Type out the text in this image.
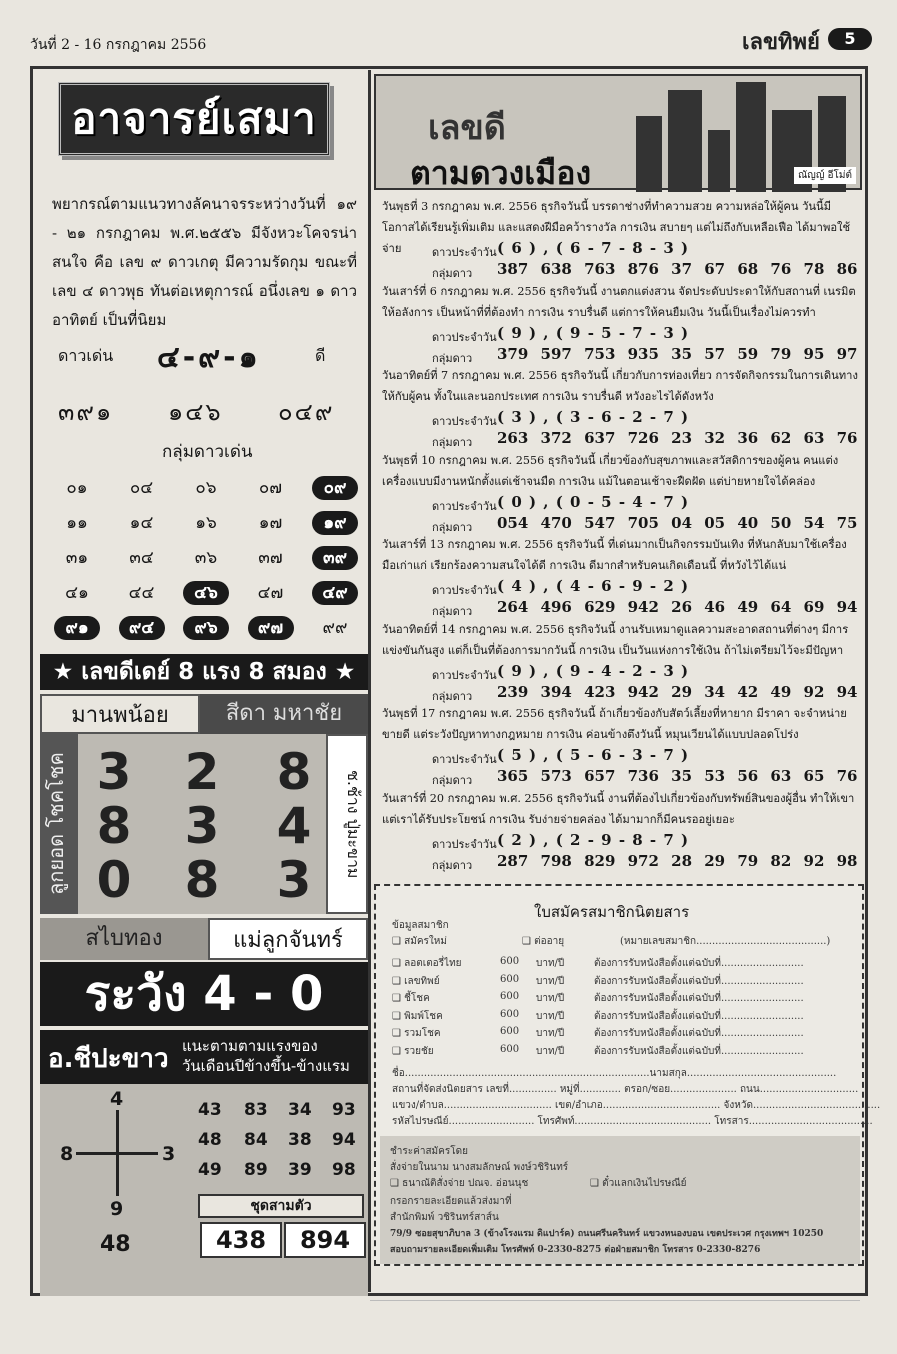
วันที่ 2 - 16 กรกฎาคม 2556	เลขทิพย์	5
อาจารย์เสมา

พยากรณ์ตามแนวทางลัคนาจรระหว่างวันที่ ๑๙ - ๒๑ กรกฎาคม พ.ศ.๒๕๕๖ มีจังหวะโคจรน่าสนใจ คือ เลข ๙ ดาวเกตุ มีความรัดกุม ขณะที่เลข ๔ ดาวพุธ ทันต่อเหตุการณ์ อนึ่งเลข ๑ ดาวอาทิตย์ เป็นที่นิยม

ดาวเด่น ๔-๙-๑	ดี
๓๙๑ ๑๔๖ ๐๔๙
กลุ่มดาวเด่น
๐๑	๐๔	๐๖	๐๗	๐๙
๑๑	๑๔	๑๖	๑๗	๑๙
๓๑	๓๔	๓๖	๓๗	๓๙
๔๑	๔๔	๔๖	๔๗	๔๙
๙๑	๙๔	๙๖	๙๗	๙๙
★ เลขดีเดย์ 8 แรง 8 สมอง ★
มานพน้อย	สีดา มหาชัย
ลูกยอด โชคโชค	ช.ช้าง ปู่มะขาม
3 2 8
8 3 4
0 8 3
สไบทอง	แม่ลูกจันทร์
ระวัง 4 - 0
อ.ชีปะขาว แนะตามตามแรงของ
วันเดือนปีข้างขึ้น-ข้างแรม
4
8	3
9
48
43 83 34 93
48 84 38 94
49 89 39 98
ชุดสามตัว
438	894
เลขดี
ตามดวงเมือง	ณัญญ์ อีโม่ต์
วันพุธที่ 3 กรกฎาคม พ.ศ. 2556 ธุรกิจวันนี้ บรรดาช่างที่ทำความสวย ความหล่อให้ผู้คน วันนี้มีโอกาสได้เรียนรู้เพิ่มเติม และแสดงฝีมือคว้ารางวัล การเงิน สบายๆ แต่ไม่ถึงกับเหลือเฟือ ได้มาพอใช้จ่าย	ดาวประจำวัน ( 6 ) , ( 6 - 7 - 8 - 3 )
กลุ่มดาว 387 638 763 876 37 67 68 76 78 86
วันเสาร์ที่ 6 กรกฎาคม พ.ศ. 2556 ธุรกิจวันนี้ งานตกแต่งสวน จัดประดับประดาให้กับสถานที่ เนรมิตให้อลังการ เป็นหน้าที่ที่ต้องทำ การเงิน ราบรื่นดี แต่การให้คนยืมเงิน วันนี้เป็นเรื่องไม่ควรทำ
ดาวประจำวัน ( 9 ) , ( 9 - 5 - 7 - 3 )
กลุ่มดาว 379 597 753 935 35 57 59 79 95 97
วันอาทิตย์ที่ 7 กรกฎาคม พ.ศ. 2556 ธุรกิจวันนี้ เกี่ยวกับการท่องเที่ยว การจัดกิจกรรมในการเดินทางให้กับผู้คน ทั้งในและนอกประเทศ การเงิน ราบรื่นดี หวังอะไรได้ดังหวัง
ดาวประจำวัน ( 3 ) , ( 3 - 6 - 2 - 7 )
กลุ่มดาว 263 372 637 726 23 32 36 62 63 76
วันพุธที่ 10 กรกฎาคม พ.ศ. 2556 ธุรกิจวันนี้ เกี่ยวข้องกับสุขภาพและสวัสดิการของผู้คน คนแต่งเครื่องแบบมีงานหนักตั้งแต่เช้าจนมืด การเงิน แม้ในตอนเช้าจะฝืดฝัด แต่บ่ายหายใจได้คล่อง
ดาวประจำวัน ( 0 ) , ( 0 - 5 - 4 - 7 )
กลุ่มดาว 054 470 547 705 04 05 40 50 54 75
วันเสาร์ที่ 13 กรกฎาคม พ.ศ. 2556 ธุรกิจวันนี้ ที่เด่นมากเป็นกิจกรรมบันเทิง ที่หันกลับมาใช้เครื่องมือเก่าแก่ เรียกร้องความสนใจได้ดี การเงิน ดีมากสำหรับคนเกิดเดือนนี้ ที่หวังไว้ได้แน่
ดาวประจำวัน ( 4 ) , ( 4 - 6 - 9 - 2 )
กลุ่มดาว 264 496 629 942 26 46 49 64 69 94
วันอาทิตย์ที่ 14 กรกฎาคม พ.ศ. 2556 ธุรกิจวันนี้ งานรับเหมาดูแลความสะอาดสถานที่ต่างๆ มีการแข่งขันกันสูง แต่ก็เป็นที่ต้องการมากวันนี้ การเงิน เป็นวันแห่งการใช้เงิน ถ้าไม่เตรียมไว้จะมีปัญหา
ดาวประจำวัน ( 9 ) , ( 9 - 4 - 2 - 3 )
กลุ่มดาว 239 394 423 942 29 34 42 49 92 94
วันพุธที่ 17 กรกฎาคม พ.ศ. 2556 ธุรกิจวันนี้ ถ้าเกี่ยวข้องกับสัตว์เลี้ยงที่หายาก มีราคา จะจำหน่ายขายดี แต่ระวังปัญหาทางกฎหมาย การเงิน ค่อนข้างตึงวันนี้ หมุนเวียนได้แบบปลอดโปร่ง
ดาวประจำวัน ( 5 ) , ( 5 - 6 - 3 - 7 )
กลุ่มดาว 365 573 657 736 35 53 56 63 65 76
วันเสาร์ที่ 20 กรกฎาคม พ.ศ. 2556 ธุรกิจวันนี้ งานที่ต้องไปเกี่ยวข้องกับทรัพย์สินของผู้อื่น ทำให้เขาแต่เราได้รับประโยชน์ การเงิน รับง่ายจ่ายคล่อง ได้มามากก็มีคนรออยู่เยอะ
ดาวประจำวัน ( 2 ) , ( 2 - 9 - 8 - 7 )
กลุ่มดาว 287 798 829 972 28 29 79 82 92 98
ใบสมัครสมาชิกนิตยสาร
ข้อมูลสมาชิก
❑ สมัครใหม่	❑ ต่ออายุ	(หมายเลขสมาชิก.........................................)
❑ ลอตเตอรี่ไทย	600 บาท/ปี	ต้องการรับหนังสือตั้งแต่ฉบับที่..........................
❑ เลขทิพย์	600 บาท/ปี	ต้องการรับหนังสือตั้งแต่ฉบับที่..........................
❑ ชี้โชค	600 บาท/ปี	ต้องการรับหนังสือตั้งแต่ฉบับที่..........................
❑ พิมพ์โชค	600 บาท/ปี	ต้องการรับหนังสือตั้งแต่ฉบับที่..........................
❑ รวมโชค	600 บาท/ปี	ต้องการรับหนังสือตั้งแต่ฉบับที่..........................
❑ รวยชัย	600 บาท/ปี	ต้องการรับหนังสือตั้งแต่ฉบับที่..........................
ชื่อ.............................................................................นามสกุล...............................................
สถานที่จัดส่งนิตยสาร เลขที่............... หมู่ที่............. ตรอก/ซอย..................... ถนน...............................
แขวง/ตำบล.................................. เขต/อำเภอ..................................... จังหวัด........................................
รหัสไปรษณีย์........................... โทรศัพท์........................................... โทรสาร.......................................
ชำระค่าสมัครโดย
สั่งจ่ายในนาม นางสมลักษณ์ พงษ์วชิรินทร์
❑ ธนาณัติสั่งจ่าย ปณจ. อ่อนนุช	❑ ตั๋วแลกเงินไปรษณีย์
กรอกรายละเอียดแล้วส่งมาที่
สำนักพิมพ์ วชิรินทร์สาส์น
79/9 ซอยสุขาภิบาล 3 (ข้างโรงแรม ดิแปาร์ค) ถนนศรีนครินทร์ แขวงหนองบอน เขตประเวศ กรุงเทพฯ 10250
สอบถามรายละเอียดเพิ่มเติม โทรศัพท์ 0-2330-8275 ต่อฝ่ายสมาชิก โทรสาร 0-2330-8276
